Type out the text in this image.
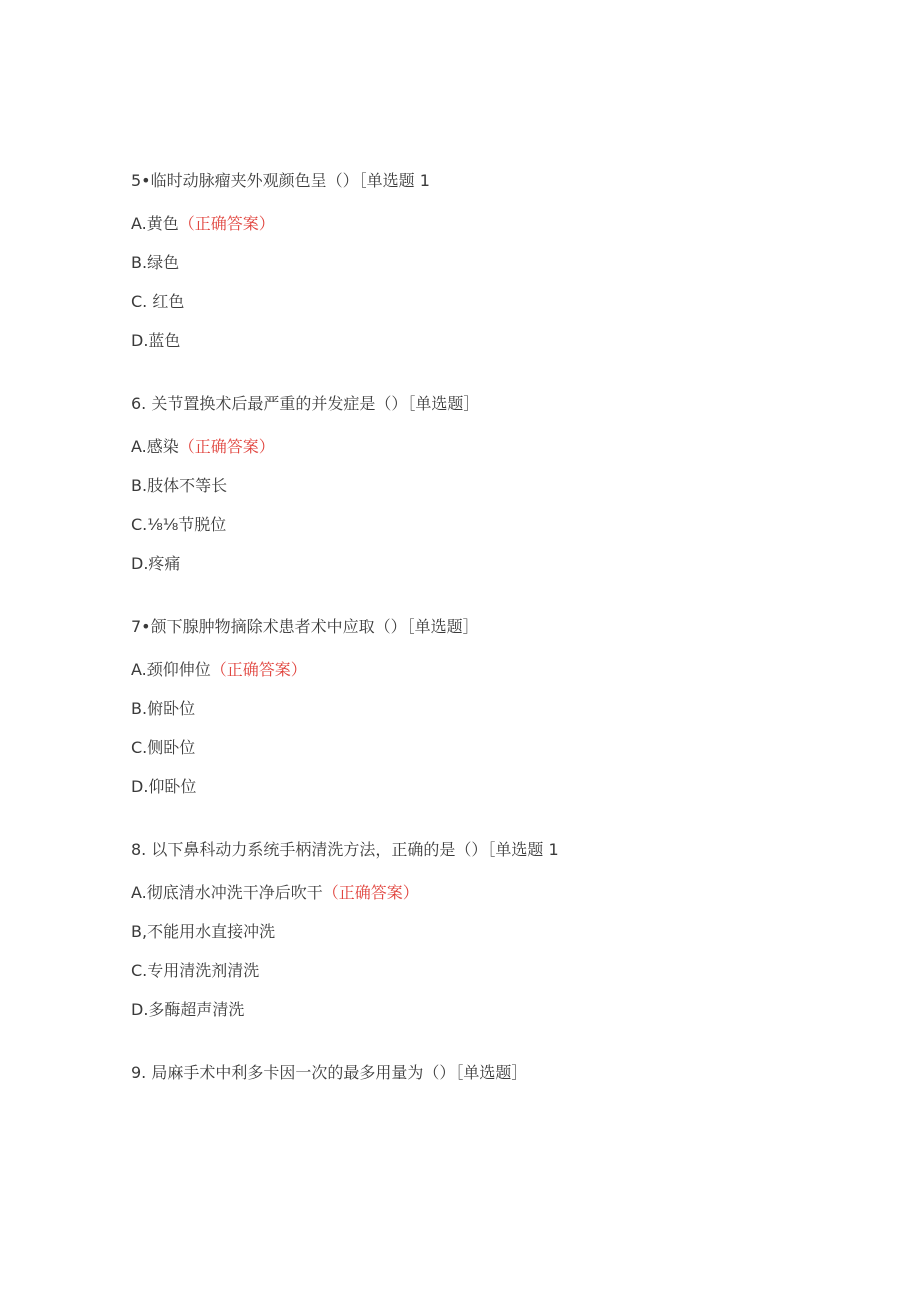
5•临时动脉瘤夹外观颜色呈（）［单选题 1
A.黄色（正确答案）
B.绿色
C. 红色
D.蓝色
6. 关节置换术后最严重的并发症是（）［单选题］
A.感染（正确答案）
B.肢体不等长
C.⅛⅛节脱位
D.疼痛
7•颌下腺肿物摘除术患者术中应取（）［单选题］
A.颈仰伸位（正确答案）
B.俯卧位
C.侧卧位
D.仰卧位
8. 以下鼻科动力系统手柄清洗方法，正确的是（）［单选题 1
A.彻底清水冲洗干净后吹干（正确答案）
B,不能用水直接冲洗
C.专用清洗剂清洗
D.多酶超声清洗
9. 局麻手术中利多卡因一次的最多用量为（）［单选题］
